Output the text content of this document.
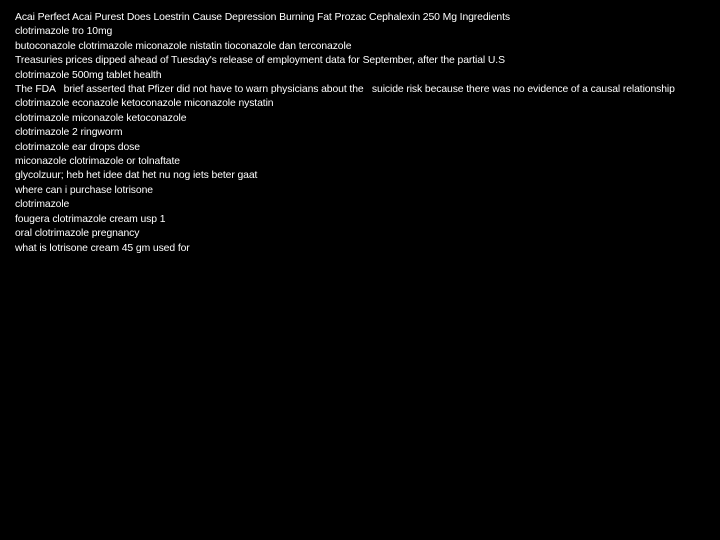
Acai Perfect Acai Purest Does Loestrin Cause Depression Burning Fat Prozac Cephalexin 250 Mg Ingredients
clotrimazole tro 10mg
butoconazole clotrimazole miconazole nistatin tioconazole dan terconazole
Treasuries prices dipped ahead of Tuesday's release of employment data for September, after the partial U.S
clotrimazole 500mg tablet health
The FDA   brief asserted that Pfizer did not have to warn physicians about the   suicide risk because there was no evidence of a causal relationship
clotrimazole econazole ketoconazole miconazole nystatin
clotrimazole miconazole ketoconazole
clotrimazole 2 ringworm
clotrimazole ear drops dose
miconazole clotrimazole or tolnaftate
glycolzuur; heb het idee dat het nu nog iets beter gaat
where can i purchase lotrisone
clotrimazole
fougera clotrimazole cream usp 1
oral clotrimazole pregnancy
what is lotrisone cream 45 gm used for
